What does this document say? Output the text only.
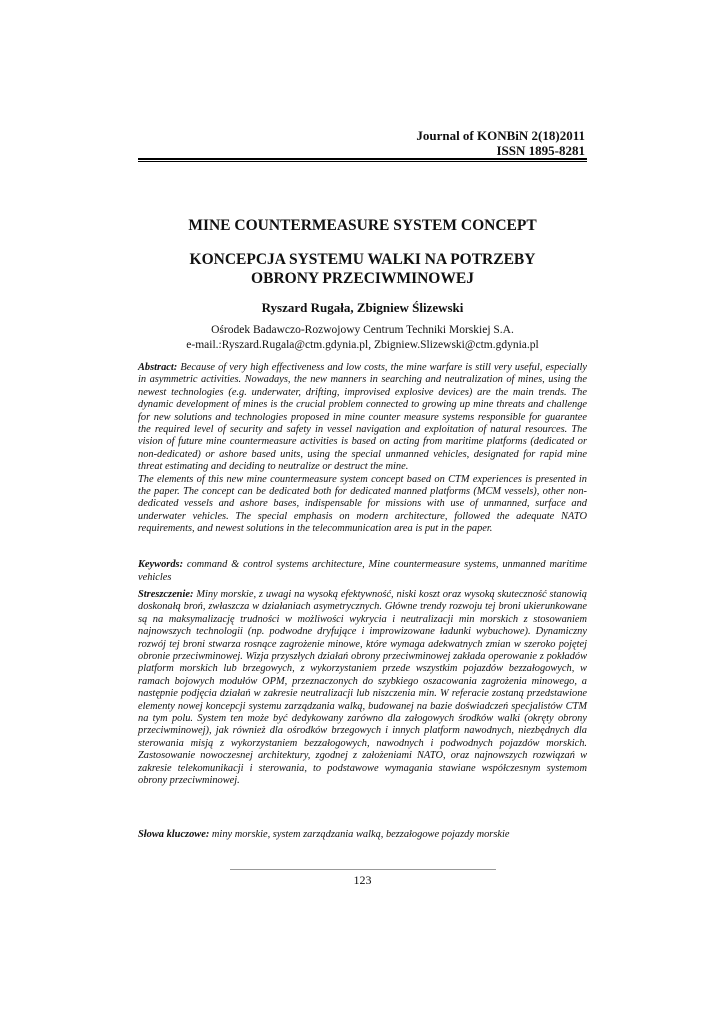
Journal of KONBiN 2(18)2011
ISSN 1895-8281
MINE COUNTERMEASURE SYSTEM CONCEPT
KONCEPCJA SYSTEMU WALKI NA POTRZEBY
OBRONY PRZECIWMINOWEJ
Ryszard Rugała, Zbigniew Ślizewski
Ośrodek Badawczo-Rozwojowy Centrum Techniki Morskiej S.A.
e-mail.:Ryszard.Rugala@ctm.gdynia.pl, Zbigniew.Slizewski@ctm.gdynia.pl
Abstract: Because of very high effectiveness and low costs, the mine warfare is still very useful, especially in asymmetric activities. Nowadays, the new manners in searching and neutralization of mines, using the newest technologies (e.g. underwater, drifting, improvised explosive devices) are the main trends. The dynamic development of mines is the crucial problem connected to growing up mine threats and challenge for new solutions and technologies proposed in mine counter measure systems responsible for guarantee the required level of security and safety in vessel navigation and exploitation of natural resources. The vision of future mine countermeasure activities is based on acting from maritime platforms (dedicated or non-dedicated) or ashore based units, using the special unmanned vehicles, designated for rapid mine threat estimating and deciding to neutralize or destruct the mine.
The elements of this new mine countermeasure system concept based on CTM experiences is presented in the paper. The concept can be dedicated both for dedicated manned platforms (MCM vessels), other non-dedicated vessels and ashore bases, indispensable for missions with use of unmanned, surface and underwater vehicles. The special emphasis on modern architecture, followed the adequate NATO requirements, and newest solutions in the telecommunication area is put in the paper.
Keywords: command & control systems architecture, Mine countermeasure systems, unmanned maritime vehicles
Streszczenie: Miny morskie, z uwagi na wysoką efektywność, niski koszt oraz wysoką skuteczność stanowią doskonałą broń, zwłaszcza w działaniach asymetrycznych. Główne trendy rozwoju tej broni ukierunkowane są na maksymalizację trudności w możliwości wykrycia i neutralizacji min morskich z stosowaniem najnowszych technologii (np. podwodne dryfujące i improwizowane ładunki wybuchowe). Dynamiczny rozwój tej broni stwarza rosnące zagrożenie minowe, które wymaga adekwatnych zmian w szeroko pojętej obronie przeciwminowej. Wizja przyszłych działań obrony przeciwminowej zakłada operowanie z pokładów platform morskich lub brzegowych, z wykorzystaniem przede wszystkim pojazdów bezzałogowych, w ramach bojowych modułów OPM, przeznaczonych do szybkiego oszacowania zagrożenia minowego, a następnie podjęcia działań w zakresie neutralizacji lub niszczenia min. W referacie zostaną przedstawione elementy nowej koncepcji systemu zarządzania walką, budowanej na bazie doświadczeń specjalistów CTM na tym polu. System ten może być dedykowany zarówno dla załogowych środków walki (okręty obrony przeciwminowej), jak również dla ośrodków brzegowych i innych platform nawodnych, niezbędnych dla sterowania misją z wykorzystaniem bezzałogowych, nawodnych i podwodnych pojazdów morskich. Zastosowanie nowoczesnej architektury, zgodnej z założeniami NATO, oraz najnowszych rozwiązań w zakresie telekomunikacji i sterowania, to podstawowe wymagania stawiane współczesnym systemom obrony przeciwminowej.
Słowa kluczowe: miny morskie, system zarządzania walką, bezzałogowe pojazdy morskie
123
